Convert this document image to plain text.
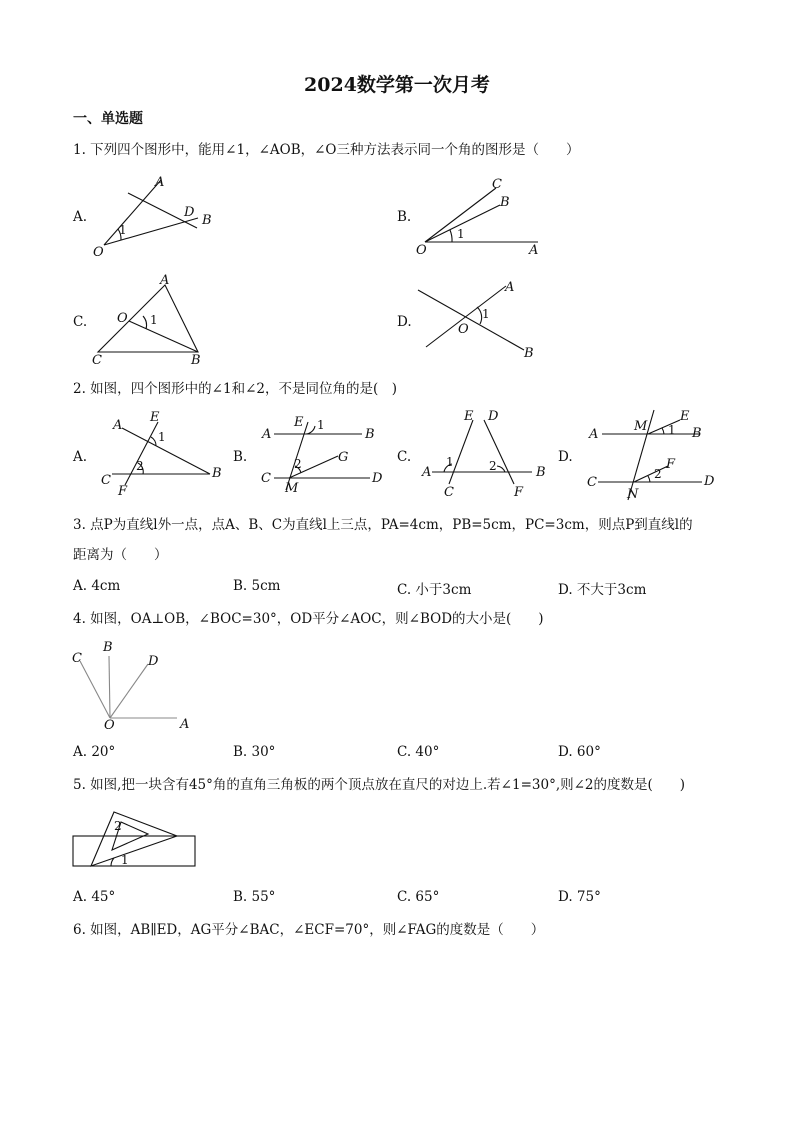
2024数学第一次月考
一、单选题
1. 下列四个图形中，能用∠1，∠AOB，∠O三种方法表示同一个角的图形是（　　）
A.
A
D
B
O
1
B.
C
B
O	A
1
C.
A
O
C	B
1	D.
A
O
B
1
2. 如图，四个图形中的∠1和∠2，不是同位角的是(　)
A.
A
E
C
F
B
1
2
B.
A
E
B
C
M
G
D
1
2	C.
E D
A	B
C	F
1	2
D.
A
M
E
B
C
N
F
D
1
2
3. 点P为直线l外一点，点A、B、C为直线l上三点，PA=4cm，PB=5cm，PC=3cm，则点P到直线l的
距离为（　　）
A. 4cm	B. 5cm	C. 小于3cm	D. 不大于3cm
4. 如图，OA⊥OB，∠BOC=30°，OD平分∠AOC，则∠BOD的大小是(　　)
C
B
D
O	A
A. 20°	B. 30°	C. 40°	D. 60°
5. 如图,把一块含有45°角的直角三角板的两个顶点放在直尺的对边上.若∠1=30°,则∠2的度数是(　　)
2
1
A. 45°	B. 55°	C. 65°	D. 75°
6. 如图，AB∥ED，AG平分∠BAC，∠ECF=70°，则∠FAG的度数是（　　）
